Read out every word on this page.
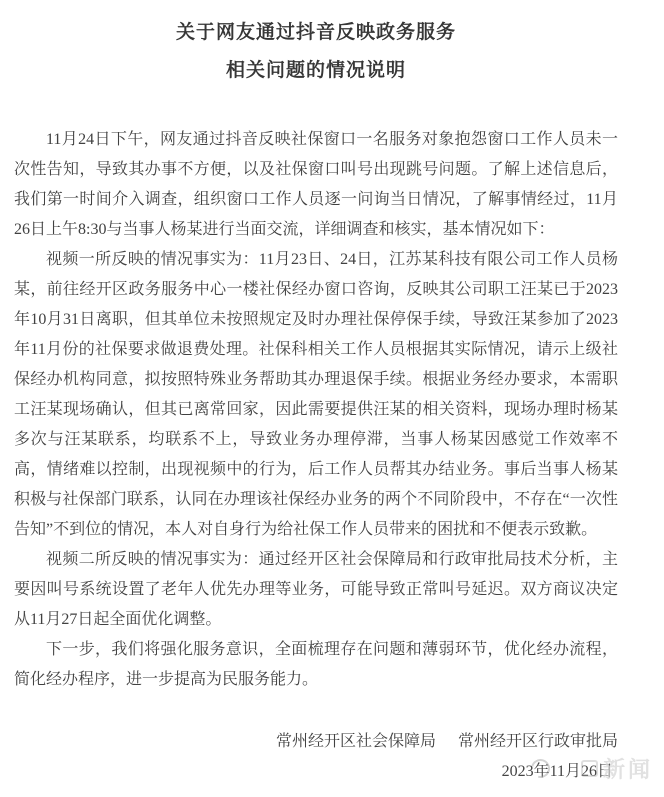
关于网友通过抖音反映政务服务
相关问题的情况说明

11月24日下午，网友通过抖音反映社保窗口一名服务对象抱怨窗口工作人员未一次性告知，导致其办事不方便，以及社保窗口叫号出现跳号问题。了解上述信息后，我们第一时间介入调查，组织窗口工作人员逐一问询当日情况，了解事情经过，11月26日上午8:30与当事人杨某进行当面交流，详细调查和核实，基本情况如下：

视频一所反映的情况事实为：11月23日、24日，江苏某科技有限公司工作人员杨某，前往经开区政务服务中心一楼社保经办窗口咨询，反映其公司职工汪某已于2023年10月31日离职，但其单位未按照规定及时办理社保停保手续，导致汪某参加了2023年11月份的社保要求做退费处理。社保科相关工作人员根据其实际情况，请示上级社保经办机构同意，拟按照特殊业务帮助其办理退保手续。根据业务经办要求，本需职工汪某现场确认，但其已离常回家，因此需要提供汪某的相关资料，现场办理时杨某多次与汪某联系，均联系不上，导致业务办理停滞，当事人杨某因感觉工作效率不高，情绪难以控制，出现视频中的行为，后工作人员帮其办结业务。事后当事人杨某积极与社保部门联系，认同在办理该社保经办业务的两个不同阶段中，不存在“一次性告知”不到位的情况，本人对自身行为给社保工作人员带来的困扰和不便表示致歉。

视频二所反映的情况事实为：通过经开区社会保障局和行政审批局技术分析，主要因叫号系统设置了老年人优先办理等业务，可能导致正常叫号延迟。双方商议决定从11月27日起全面优化调整。

下一步，我们将强化服务意识，全面梳理存在问题和薄弱环节，优化经办流程，简化经办程序，进一步提高为民服务能力。

常州经开区社会保障局 常州经开区行政审批局
2023年11月26日
新闻
